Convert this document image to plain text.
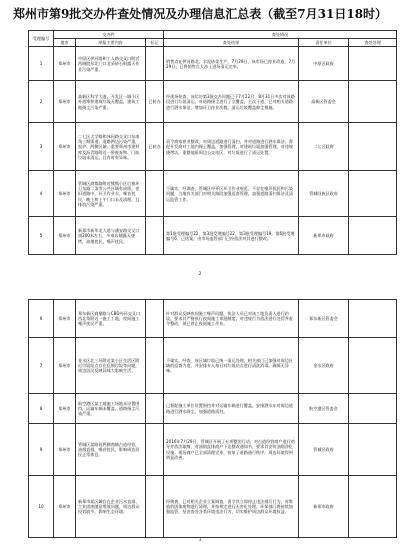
郑州市第9批交办件查处情况及办理信息汇总表（截至7月31日18时）
受理编号	交办件			查处情况		
	地市	举报主要内容	标记	查处结果	责任单位	查处处理
1	郑州市	中原区伊河路和工人路交叉口附近西城院东北门口北采砂石料露天作业污染严重。		销售点在伊河路北，水泥砂浆生产，7月29日，该市场已停业改造，7月29日，已将销售点大沙土进场清运完毕。	中原区政府	
2	郑州市	高新区科学大道，开发区一城小区外道堆积建筑垃圾无覆盖，建筑工地扬尘污染严重。	已转办	经现场检查，该信访第3批交办问题已于7月22日、8月31日多次对该路段进行垃圾清运，对道路扬尘进行了全覆盖，主次干道，已对相关道路进行洒水保洁，增加环卫作业次数，清运垃圾覆盖抑尘措施。	高新区管委会	
3	郑州市	二七区大学路和冰河路交叉口东南角三期街道，道路两边污染严重，窑炉、两侧区域，重要郑州市建材库及沥青路附近一带废弃物、门前垃圾未清运，且有时有异味。	已转办	责令商家停业整改，对周边道路进行清扫，并对道路进行洒水保洁。督促开发商对工地内裸土覆盖，加强管理，对建筑垃圾加强管理，对违规烧烤店，重整地质周边公交站区，对垃圾进行了清运处置。	二七区政府	
4	郑州市	管城区商都路附近熊熊小区后窗环卫东路二条等公共区域有成绩，老旧道路中，环卫作业车，噪音扰民，晚上和上午门口未及清理，且排放污染严重。		不属实，经调查，管城区经开区环卫作业规范，不存在噪声扰民和污染问题，当地有关部门对相关路段加强巡查管理，加强道路清扫保洁及清运监管工作。	管城回族区政府	
5	郑州市	新郑市新华北大道与潘安路交叉口南200米左右，多家店铺露天烧烤，油烟扰民，噪声扰民。		第1批受理编号22、第3批受理编号22、第3批受理编号19，第6批受理编号6，已结案，由市场监管部门已经依法对其进行整改。	新郑市政府	
2
6	郑州市	郑东新区商鼎路与CBD外环交叉口西北角附近一施工工地，夜间施工噪声扰民严重。		针对群众反映夜间施工噪声问题，执法人员已对该工地负责人进行约谈，要求其严格执行夜间施工审批制度，对违规行为依法进行处罚并责令整改，现已停止夜间施工作业。	郑东新区管委会	
7	郑州市	金水区北三环附近某小区生活区附近垃圾站点存在乱倒垃圾等问题，周边居民反映异味大影响生活。		不属实。经查，该区域垃圾已统一清运处理，相关部门已加强对周边区域的巡查力度，并安排专人每日对垃圾站点进行清洗消毒，确保无异味。	金水区政府	
8	郑州市	航空港区某工地施工场地未设置围挡，运输车辆未覆盖，道路扬尘污染严重。		已督促施工单位设置围挡并对运输车辆进行覆盖，安排洒水车对周边道路进行洒水降尘，加强道路清扫。	航空港区管委会	
9	郑州市	管城区某路段两侧商铺占道经营，油烟直排，噪音扰民，影响周边居民正常休息。		2016年7月29日，管城区开展了专项整治行动，对占道经营商户进行劝导并依法取缔，对油烟直排商户下达整改通知书，要求其安装油烟净化设施。现场商户已全部清理完毕，恢复了道路通行秩序，周边环境得到明显改善。	管城区政府	
10	郑州市	新郑市某区域存在企业污水直排、工业固废随意堆放问题，周边群众投诉较多，影响生态环境。		经核查，已对相关企业立案调查，责令其立即停止违法排污行为，对堆放的固体废物进行清理，并按规定进行无害化处理。环保部门将持续加强监管，坚决查处各类环境违法行为，切实维护周边群众环境权益。	新郑市政府	
3
